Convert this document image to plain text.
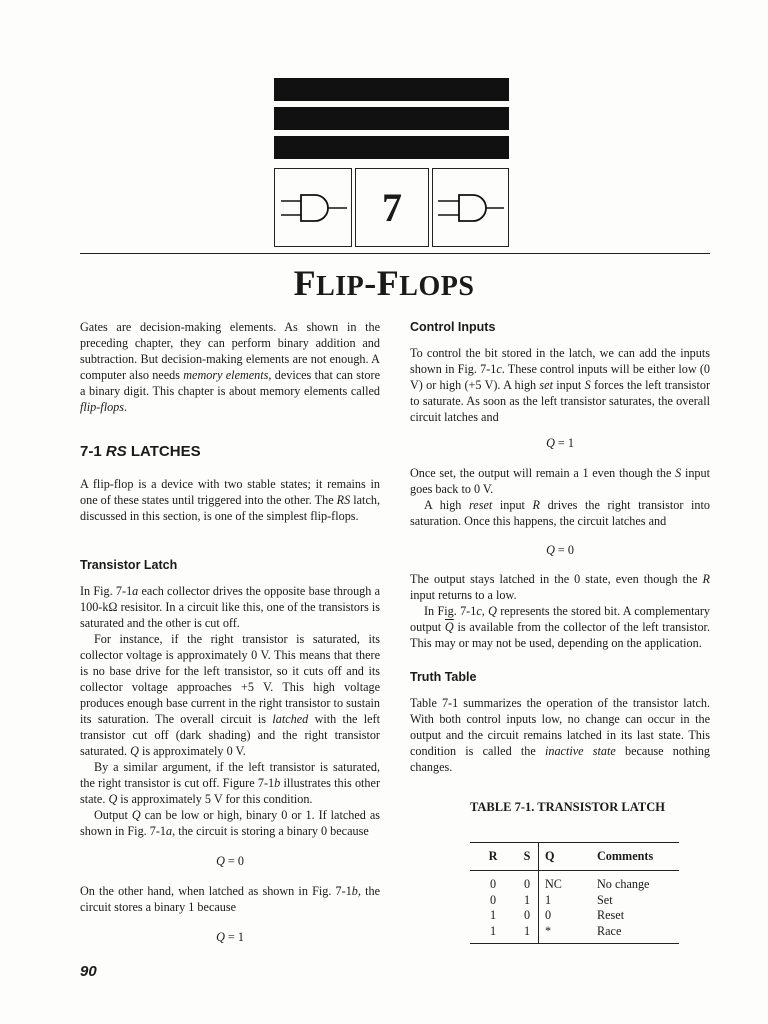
7
FLIP-FLOPS

Gates are decision-making elements. As shown in the preceding chapter, they can perform binary addition and subtraction. But decision-making elements are not enough. A computer also needs memory elements, devices that can store a binary digit. This chapter is about memory elements called flip-flops.

7-1 RS LATCHES

A flip-flop is a device with two stable states; it remains in one of these states until triggered into the other. The RS latch, discussed in this section, is one of the simplest flip-flops.

Transistor Latch

In Fig. 7-1a each collector drives the opposite base through a 100-kΩ resisitor. In a circuit like this, one of the transistors is saturated and the other is cut off.

For instance, if the right transistor is saturated, its collector voltage is approximately 0 V. This means that there is no base drive for the left transistor, so it cuts off and its collector voltage approaches +5 V. This high voltage produces enough base current in the right transistor to sustain its saturation. The overall circuit is latched with the left transistor cut off (dark shading) and the right transistor saturated. Q is approximately 0 V.

By a similar argument, if the left transistor is saturated, the right transistor is cut off. Figure 7-1b illustrates this other state. Q is approximately 5 V for this condition.

Output Q can be low or high, binary 0 or 1. If latched as shown in Fig. 7-1a, the circuit is storing a binary 0 because

Q = 0

On the other hand, when latched as shown in Fig. 7-1b, the circuit stores a binary 1 because

Q = 1
90
Control Inputs

To control the bit stored in the latch, we can add the inputs shown in Fig. 7-1c. These control inputs will be either low (0 V) or high (+5 V). A high set input S forces the left transistor to saturate. As soon as the left transistor saturates, the overall circuit latches and

Q = 1

Once set, the output will remain a 1 even though the S input goes back to 0 V.

A high reset input R drives the right transistor into saturation. Once this happens, the circuit latches and

Q = 0

The output stays latched in the 0 state, even though the R input returns to a low.

In Fig. 7-1c, Q represents the stored bit. A complementary output $\overline{Q}$ is available from the collector of the left transistor. This may or may not be used, depending on the application.

Truth Table

Table 7-1 summarizes the operation of the transistor latch. With both control inputs low, no change can occur in the output and the circuit remains latched in its last state. This condition is called the inactive state because nothing changes.

TABLE 7-1. TRANSISTOR LATCH
R	S	Q	Comments
0	0	NC	No change
0	1	1	Set
1	0	0	Reset
1	1	*	Race
